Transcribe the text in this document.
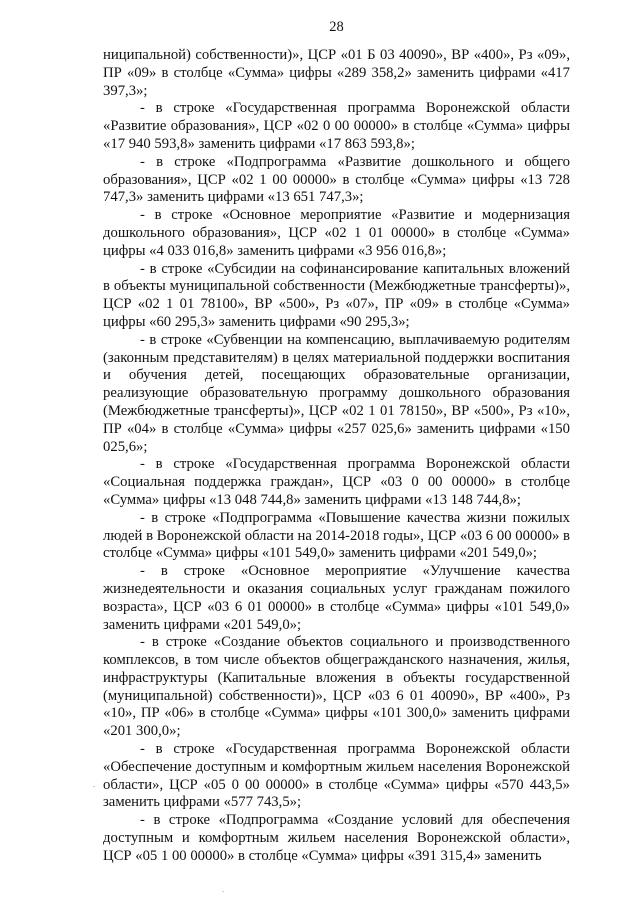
28

ниципальной) собственности)», ЦСР «01 Б 03 40090», ВР «400», Рз «09», ПР «09» в столбце «Сумма» цифры «289 358,2» заменить цифрами «417 397,3»;

- в строке «Государственная программа Воронежской области «Развитие образования», ЦСР «02 0 00 00000» в столбце «Сумма» цифры «17 940 593,8» заменить цифрами «17 863 593,8»;

- в строке «Подпрограмма «Развитие дошкольного и общего образования», ЦСР «02 1 00 00000» в столбце «Сумма» цифры «13 728 747,3» заменить цифрами «13 651 747,3»;

- в строке «Основное мероприятие «Развитие и модернизация дошкольного образования», ЦСР «02 1 01 00000» в столбце «Сумма» цифры «4 033 016,8» заменить цифрами «3 956 016,8»;

- в строке «Субсидии на софинансирование капитальных вложений в объекты муниципальной собственности (Межбюджетные трансферты)», ЦСР «02 1 01 78100», ВР «500», Рз «07», ПР «09» в столбце «Сумма» цифры «60 295,3» заменить цифрами «90 295,3»;

- в строке «Субвенции на компенсацию, выплачиваемую родителям (законным представителям) в целях материальной поддержки воспитания и обучения детей, посещающих образовательные организации, реализующие образовательную программу дошкольного образования (Межбюджетные трансферты)», ЦСР «02 1 01 78150», ВР «500», Рз «10», ПР «04» в столбце «Сумма» цифры «257 025,6» заменить цифрами «150 025,6»;

- в строке «Государственная программа Воронежской области «Социальная поддержка граждан», ЦСР «03 0 00 00000» в столбце «Сумма» цифры «13 048 744,8» заменить цифрами «13 148 744,8»;

- в строке «Подпрограмма «Повышение качества жизни пожилых людей в Воронежской области на 2014-2018 годы», ЦСР «03 6 00 00000» в столбце «Сумма» цифры «101 549,0» заменить цифрами «201 549,0»;

- в строке «Основное мероприятие «Улучшение качества жизнедеятельности и оказания социальных услуг гражданам пожилого возраста», ЦСР «03 6 01 00000» в столбце «Сумма» цифры «101 549,0» заменить цифрами «201 549,0»;

- в строке «Создание объектов социального и производственного комплексов, в том числе объектов общегражданского назначения, жилья, инфраструктуры (Капитальные вложения в объекты государственной (муниципальной) собственности)», ЦСР «03 6 01 40090», ВР «400», Рз «10», ПР «06» в столбце «Сумма» цифры «101 300,0» заменить цифрами «201 300,0»;

- в строке «Государственная программа Воронежской области «Обеспечение доступным и комфортным жильем населения Воронежской области», ЦСР «05 0 00 00000» в столбце «Сумма» цифры «570 443,5» заменить цифрами «577 743,5»;

- в строке «Подпрограмма «Создание условий для обеспечения доступным и комфортным жильем населения Воронежской области», ЦСР «05 1 00 00000» в столбце «Сумма» цифры «391 315,4» заменить

.
.
